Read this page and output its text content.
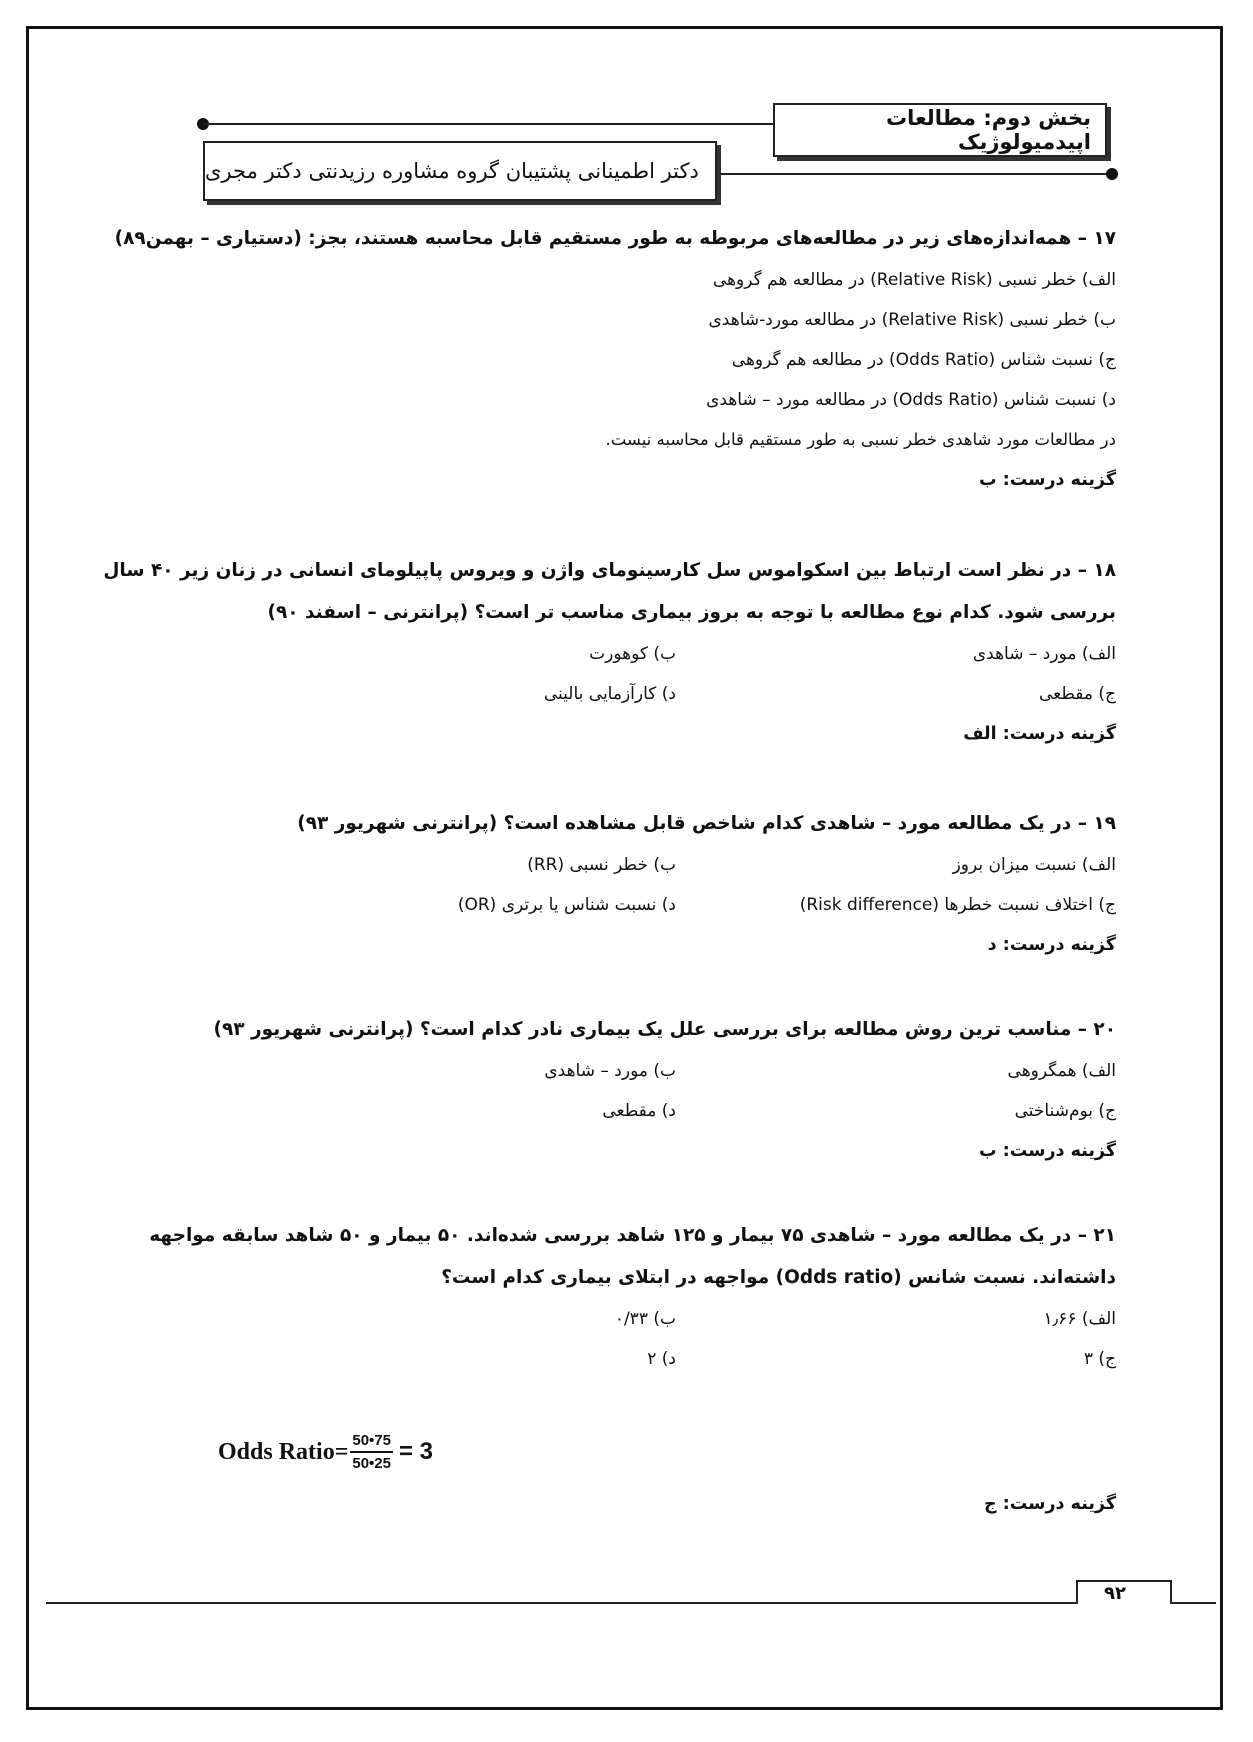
بخش دوم: مطالعات اپیدمیولوژیک
دکتر اطمینانی پشتیبان گروه مشاوره رزیدنتی دکتر مجری
۱۷ – همه‌اندازه‌های زیر در مطالعه‌های مربوطه به طور مستقیم قابل محاسبه هستند، بجز: (دستیاری – بهمن۸۹)
الف) خطر نسبی (Relative Risk) در مطالعه هم گروهی
ب) خطر نسبی (Relative Risk) در مطالعه مورد-شاهدی
ج) نسبت شناس (Odds Ratio) در مطالعه هم گروهی
د) نسبت شناس (Odds Ratio) در مطالعه مورد – شاهدی
در مطالعات مورد شاهدی خطر نسبی به طور مستقیم قابل محاسبه نیست.
گزینه درست: ب
۱۸ – در نظر است ارتباط بین اسکواموس سل کارسینومای واژن و ویروس پاپیلومای انسانی در زنان زیر ۴۰ سال
بررسی شود. کدام نوع مطالعه با توجه به بروز بیماری مناسب تر است؟ (پرانترنی – اسفند ۹۰)
الف) مورد – شاهدی
ب) کوهورت
ج) مقطعی
د) کارآزمایی بالینی
گزینه درست: الف
۱۹ – در یک مطالعه مورد – شاهدی کدام شاخص قابل مشاهده است؟ (پرانترنی شهریور ۹۳)
الف) نسبت میزان بروز
ب) خطر نسبی (RR)
ج) اختلاف نسبت خطرها (Risk difference)
د) نسبت شناس یا برتری (OR)
گزینه درست: د
۲۰ – مناسب ترین روش مطالعه برای بررسی علل یک بیماری نادر کدام است؟ (پرانترنی شهریور ۹۳)
الف) همگروهی
ب) مورد – شاهدی
ج) بوم‌شناختی
د) مقطعی
گزینه درست: ب
۲۱ – در یک مطالعه مورد – شاهدی ۷۵ بیمار و ۱۲۵ شاهد بررسی شده‌اند. ۵۰ بیمار و ۵۰ شاهد سابقه مواجهه
داشته‌اند. نسبت شانس (Odds ratio) مواجهه در ابتلای بیماری کدام است؟
الف) ۱٫۶۶
ب) ۰/۳۳
ج) ۳
د) ۲
Odds Ratio= $\frac{50•75}{50•25} = 3$
گزینه درست: ج
۹۲
